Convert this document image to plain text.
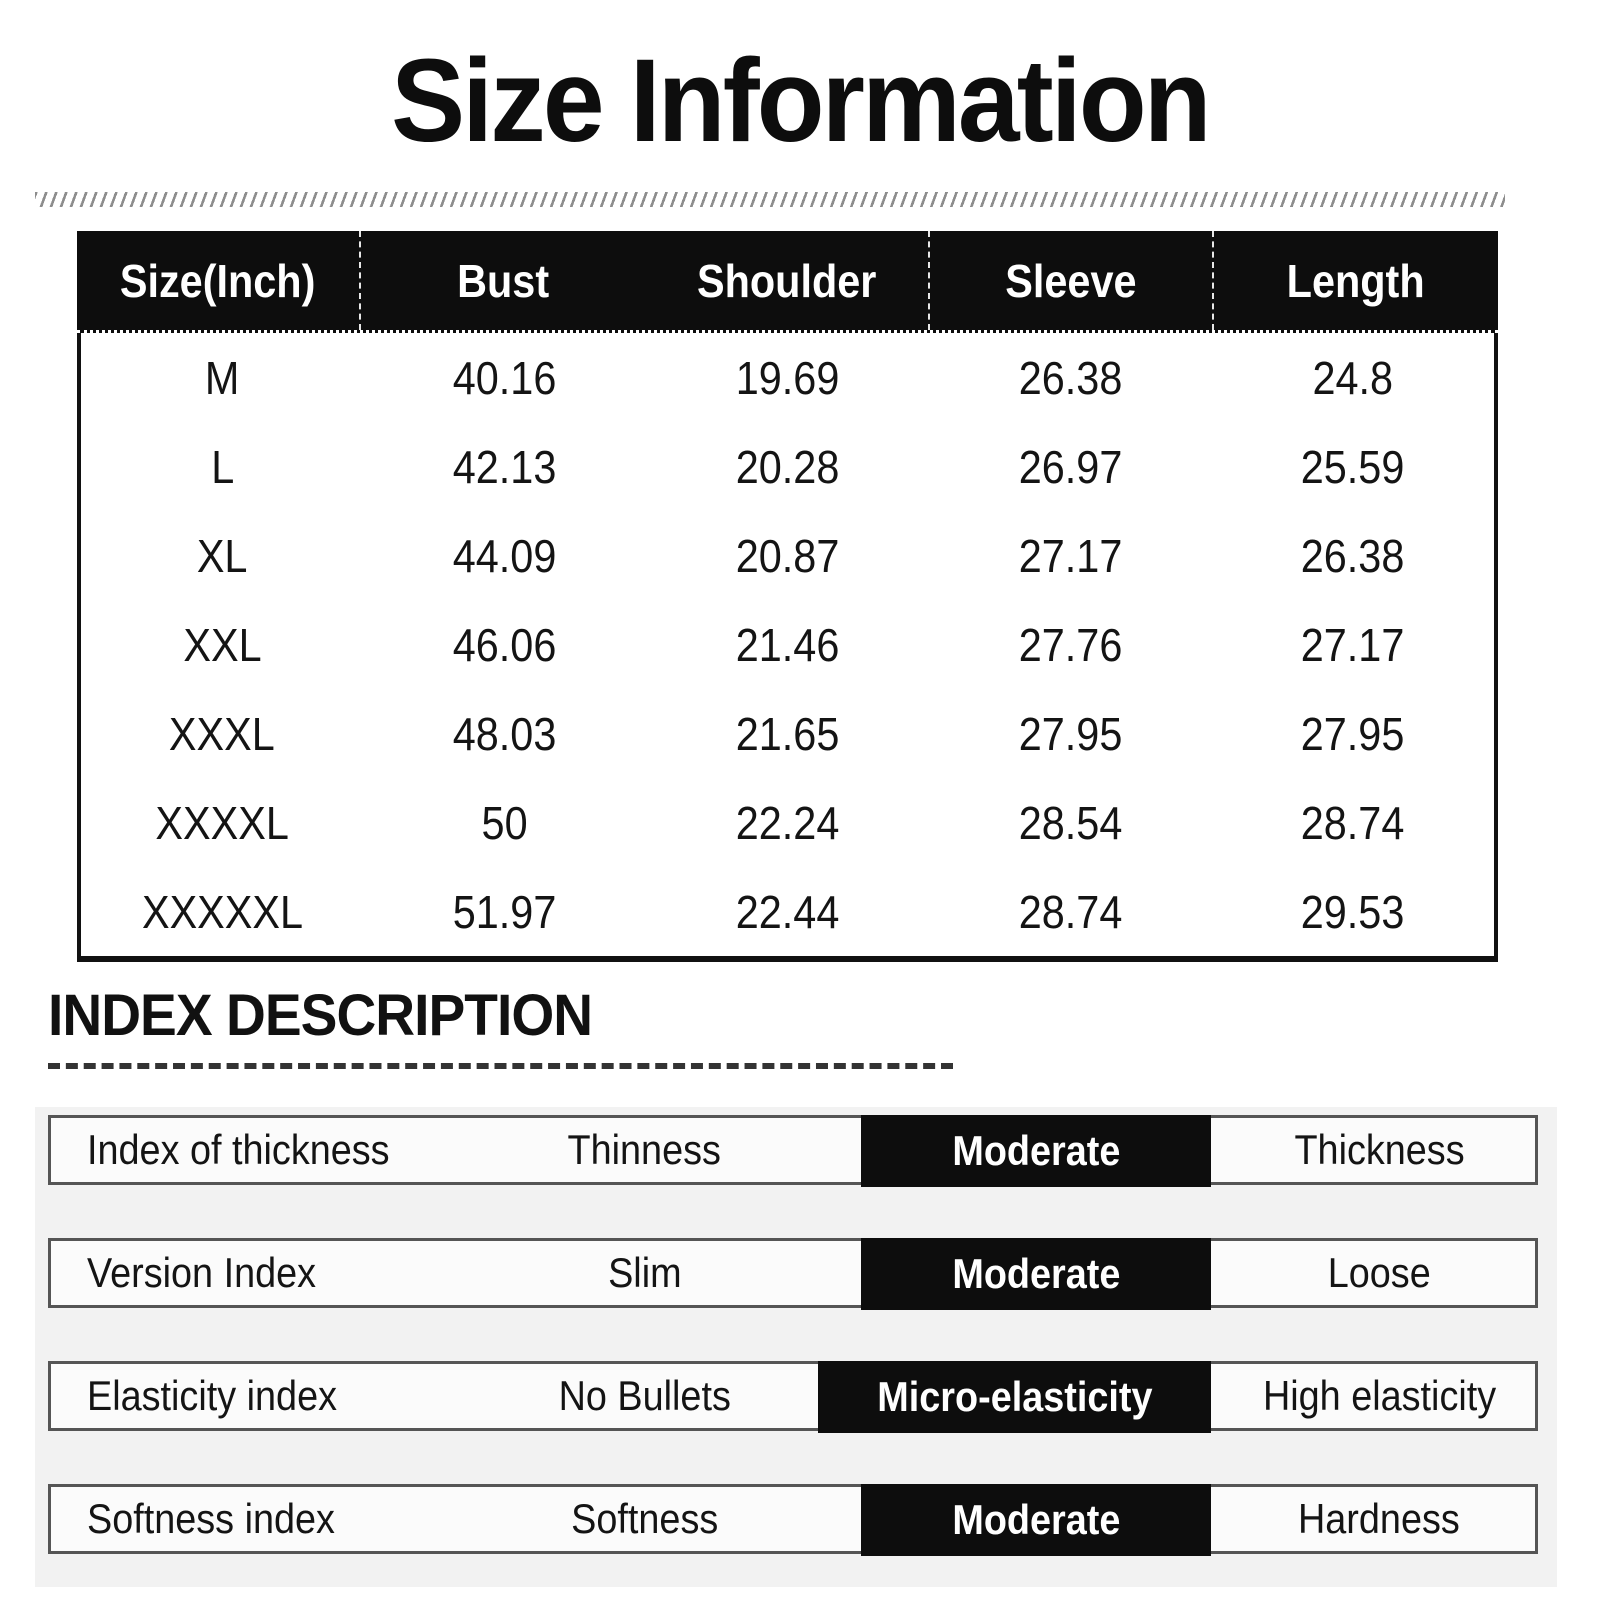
Size Information
Size(Inch)	Bust	Shoulder	Sleeve	Length
M	40.16	19.69	26.38	24.8
L	42.13	20.28	26.97	25.59
XL	44.09	20.87	27.17	26.38
XXL	46.06	21.46	27.76	27.17
XXXL	48.03	21.65	27.95	27.95
XXXXL	50	22.24	28.54	28.74
XXXXXL	51.97	22.44	28.74	29.53
INDEX DESCRIPTION
Index of thickness	Thinness	Moderate	Thickness
Version Index	Slim	Moderate	Loose
Elasticity index	No Bullets	Micro-elasticity	High elasticity
Softness index	Softness	Moderate	Hardness
